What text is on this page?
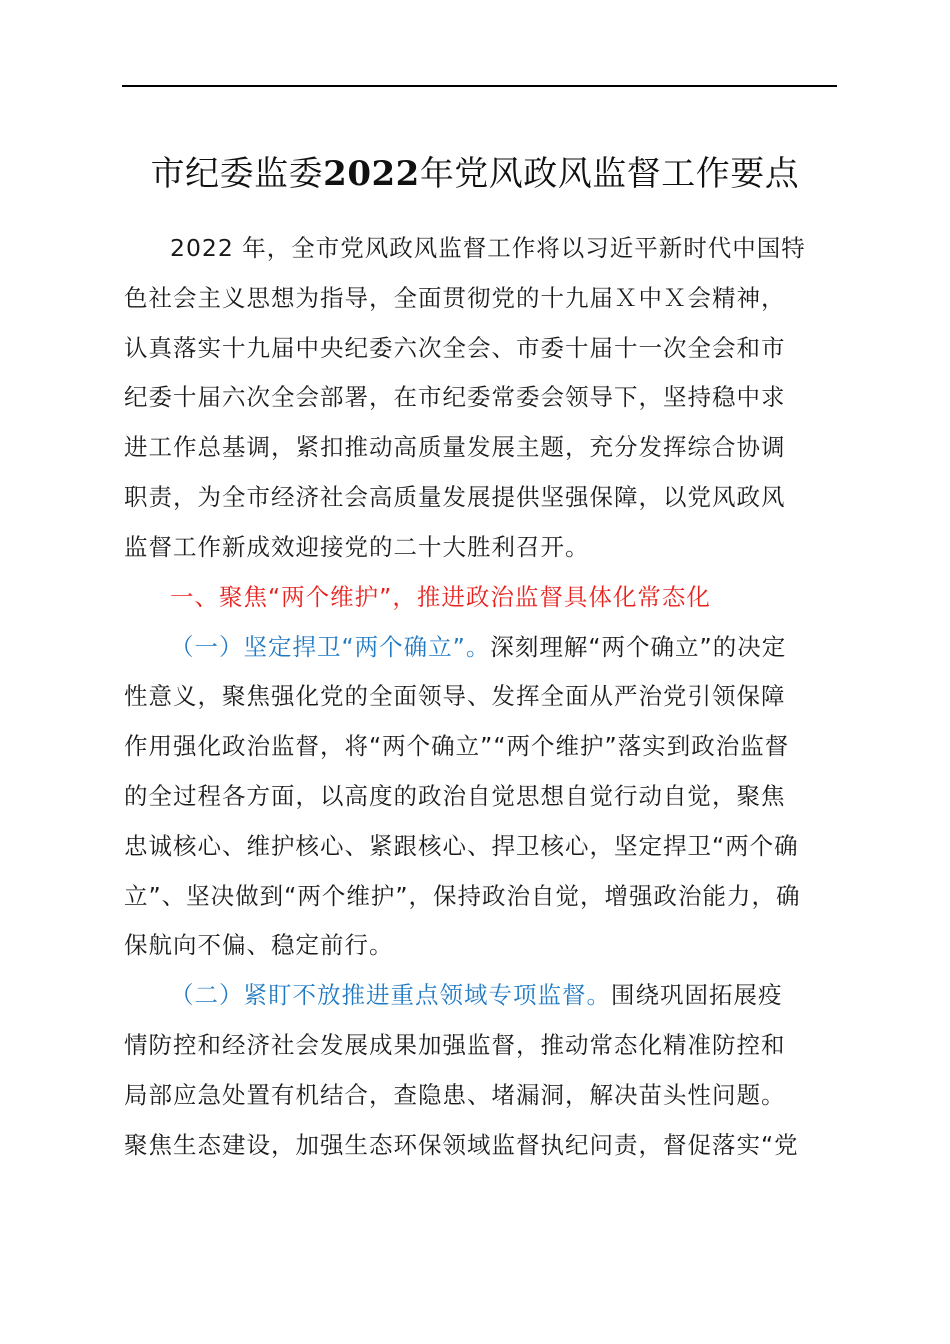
市纪委监委2022年党风政风监督工作要点
2022 年，全市党风政风监督工作将以习近平新时代中国特
色社会主义思想为指导，全面贯彻党的十九届Ｘ中Ｘ会精神，
认真落实十九届中央纪委六次全会、市委十届十一次全会和市
纪委十届六次全会部署，在市纪委常委会领导下，坚持稳中求
进工作总基调，紧扣推动高质量发展主题，充分发挥综合协调
职责，为全市经济社会高质量发展提供坚强保障，以党风政风
监督工作新成效迎接党的二十大胜利召开。
一、聚焦“两个维护”，推进政治监督具体化常态化
（一）坚定捍卫“两个确立”。深刻理解“两个确立”的决定
性意义，聚焦强化党的全面领导、发挥全面从严治党引领保障
作用强化政治监督，将“两个确立”“两个维护”落实到政治监督
的全过程各方面，以高度的政治自觉思想自觉行动自觉，聚焦
忠诚核心、维护核心、紧跟核心、捍卫核心，坚定捍卫“两个确
立”、坚决做到“两个维护”，保持政治自觉，增强政治能力，确
保航向不偏、稳定前行。
（二）紧盯不放推进重点领域专项监督。围绕巩固拓展疫
情防控和经济社会发展成果加强监督，推动常态化精准防控和
局部应急处置有机结合，查隐患、堵漏洞，解决苗头性问题。
聚焦生态建设，加强生态环保领域监督执纪问责，督促落实“党
